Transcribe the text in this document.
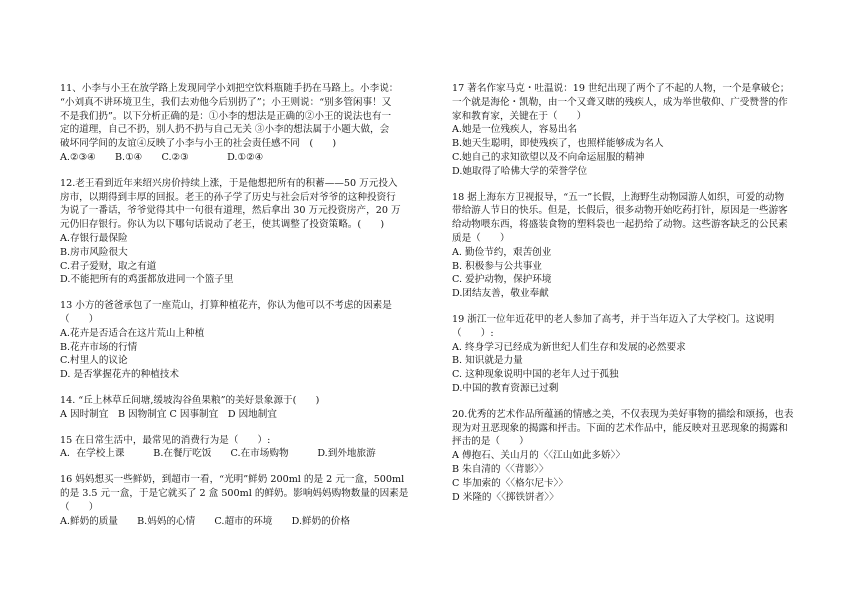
11、小李与小王在放学路上发现同学小刘把空饮料瓶随手扔在马路上。小李说：

“小刘真不讲环境卫生，我们去劝他今后别扔了”；小王则说：“别多管闲事！又

不是我们扔”。以下分析正确的是：①小李的想法是正确的②小王的说法也有一

定的道理，自己不扔，别人扔不扔与自己无关 ③小李的想法属于小题大做，会

破坏同学间的友谊④反映了小李与小王的社会责任感不同　(　　)

A.②③④　　B.①④　　C.②③　　　　D.①②④

12.老王看到近年来绍兴房价持续上涨，于是他想把所有的积蓄——50 万元投入

房市，以期得到丰厚的回报。老王的孙子学了历史与社会后对爷爷的这种投资行

为说了一番话，爷爷觉得其中一句很有道理，然后拿出 30 万元投资房产，20 万

元仍旧存银行。你认为以下哪句话说动了老王，使其调整了投资策略。(　　)

A.存银行最保险

B.房市风险很大

C.君子爱财，取之有道

D.不能把所有的鸡蛋都放进同一个篮子里

13 小方的爸爸承包了一座荒山，打算种植花卉，你认为他可以不考虑的因素是

（　　）

A.花卉是否适合在这片荒山上种植

B.花卉市场的行情

C.村里人的议论

D. 是否掌握花卉的种植技术

14. “丘上林草丘间塘,缓坡沟谷鱼果粮”的美好景象源于(　　)

A 因时制宜　B 因物制宜 C 因事制宜　D 因地制宜

15 在日常生活中，最常见的消费行为是（　　）:

A．在学校上课　　　B.在餐厅吃饭　　C.在市场购物　　　D.到外地旅游

16 妈妈想买一些鲜奶，到超市一看，“光明”鲜奶 200ml 的是 2 元一盒，500ml

的是 3.5 元一盒，于是它就买了 2 盒 500ml 的鲜奶。影响妈妈购物数量的因素是

（　　）

A.鲜奶的质量　　B.妈妈的心情　　C.超市的环境　　D.鲜奶的价格

17 著名作家马克・吐温说：19 世纪出现了两个了不起的人物，一个是拿破仑；

一个就是海伦・凯勒，由一个又聋又瞎的残疾人，成为举世敬仰、广受赞誉的作

家和教育家，关键在于（　　）

A.她是一位残疾人，容易出名

B.她天生聪明，即使残疾了，也照样能够成为名人

C.她自己的求知欲望以及不向命运屈服的精神

D.她取得了哈佛大学的荣誉学位

18 据上海东方卫视报导，“五一”长假，上海野生动物园游人如织，可爱的动物

带给游人节日的快乐。但是，长假后，很多动物开始吃药打针，原因是一些游客

给动物喂东西，将盛装食物的塑料袋也一起扔给了动物。这些游客缺乏的公民素

质是（　　）

A. 勤俭节约，艰苦创业

B. 积极参与公共事业

C. 爱护动物，保护环境

D.团结友善，敬业奉献

19 浙江一位年近花甲的老人参加了高考，并于当年迈入了大学校门。这说明

（　　）:

A. 终身学习已经成为新世纪人们生存和发展的必然要求

B. 知识就是力量

C. 这种现象说明中国的老年人过于孤独

D.中国的教育资源已过剩

20.优秀的艺术作品所蕴涵的情感之美，不仅表现为美好事物的描绘和颂扬，也表

现为对丑恶现象的揭露和抨击。下面的艺术作品中，能反映对丑恶现象的揭露和

抨击的是（　　）

A 傅抱石、关山月的〈〈江山如此多娇〉〉

B 朱自清的〈〈背影〉〉

C 毕加索的〈〈格尔尼卡〉〉

D 米隆的〈〈掷铁饼者〉〉
